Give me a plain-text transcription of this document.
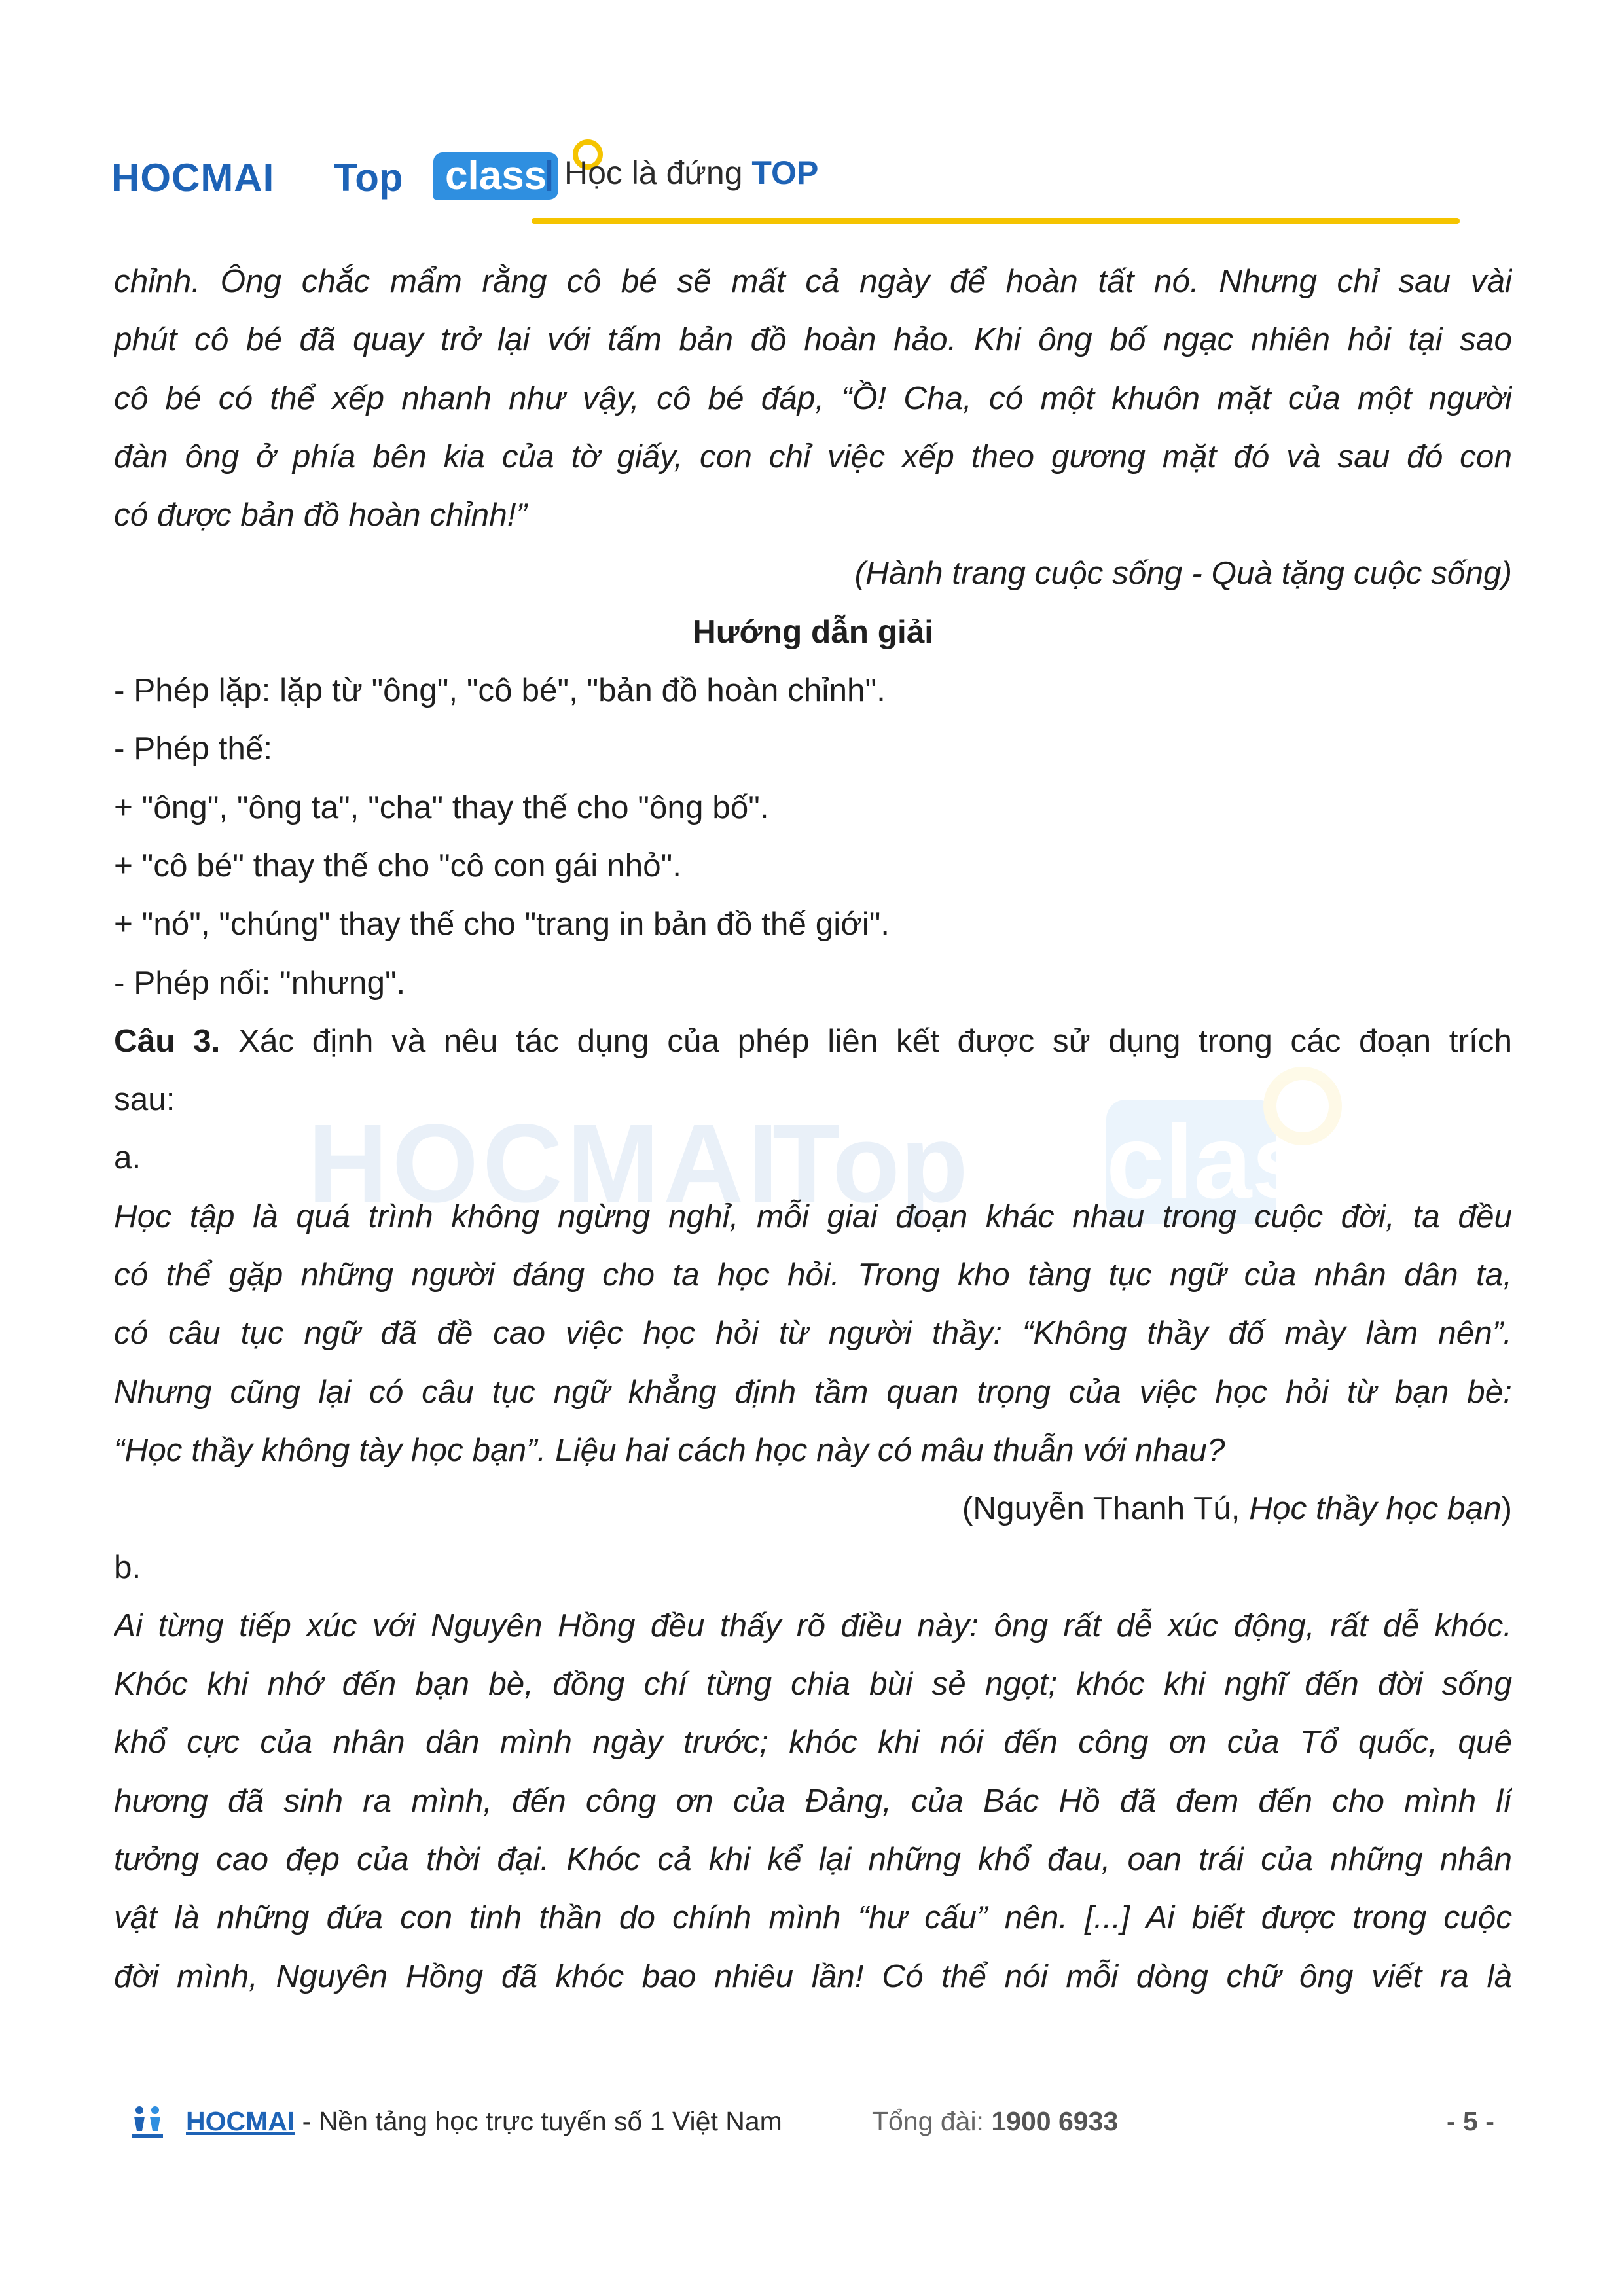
HOCMAI Top class
| Học là đứng TOP
HOCMAI
Top class
chỉnh. Ông chắc mẩm rằng cô bé sẽ mất cả ngày để hoàn tất nó. Nhưng chỉ sau vài
phút cô bé đã quay trở lại với tấm bản đồ hoàn hảo. Khi ông bố ngạc nhiên hỏi tại sao
cô bé có thể xếp nhanh như vậy, cô bé đáp, “Ồ! Cha, có một khuôn mặt của một người
đàn ông ở phía bên kia của tờ giấy, con chỉ việc xếp theo gương mặt đó và sau đó con
có được bản đồ hoàn chỉnh!”
(Hành trang cuộc sống - Quà tặng cuộc sống)
Hướng dẫn giải
- Phép lặp: lặp từ "ông", "cô bé", "bản đồ hoàn chỉnh".
- Phép thế:
+ "ông", "ông ta", "cha" thay thế cho "ông bố".
+ "cô bé" thay thế cho "cô con gái nhỏ".
+ "nó", "chúng" thay thế cho "trang in bản đồ thế giới".
- Phép nối: "nhưng".
Câu 3. Xác định và nêu tác dụng của phép liên kết được sử dụng trong các đoạn trích
sau:
a.
Học tập là quá trình không ngừng nghỉ, mỗi giai đoạn khác nhau trong cuộc đời, ta đều
có thể gặp những người đáng cho ta học hỏi. Trong kho tàng tục ngữ của nhân dân ta,
có câu tục ngữ đã đề cao việc học hỏi từ người thầy: “Không thầy đố mày làm nên”.
Nhưng cũng lại có câu tục ngữ khẳng định tầm quan trọng của việc học hỏi từ bạn bè:
“Học thầy không tày học bạn”. Liệu hai cách học này có mâu thuẫn với nhau?
(Nguyễn Thanh Tú, Học thầy học bạn)
b.
Ai từng tiếp xúc với Nguyên Hồng đều thấy rõ điều này: ông rất dễ xúc động, rất dễ khóc.
Khóc khi nhớ đến bạn bè, đồng chí từng chia bùi sẻ ngọt; khóc khi nghĩ đến đời sống
khổ cực của nhân dân mình ngày trước; khóc khi nói đến công ơn của Tổ quốc, quê
hương đã sinh ra mình, đến công ơn của Đảng, của Bác Hồ đã đem đến cho mình lí
tưởng cao đẹp của thời đại. Khóc cả khi kể lại những khổ đau, oan trái của những nhân
vật là những đứa con tinh thần do chính mình “hư cấu” nên. [...] Ai biết được trong cuộc
đời mình, Nguyên Hồng đã khóc bao nhiêu lần! Có thể nói mỗi dòng chữ ông viết ra là
HOCMAI - Nền tảng học trực tuyến số 1 Việt Nam	Tổng đài: 1900 6933	- 5 -
